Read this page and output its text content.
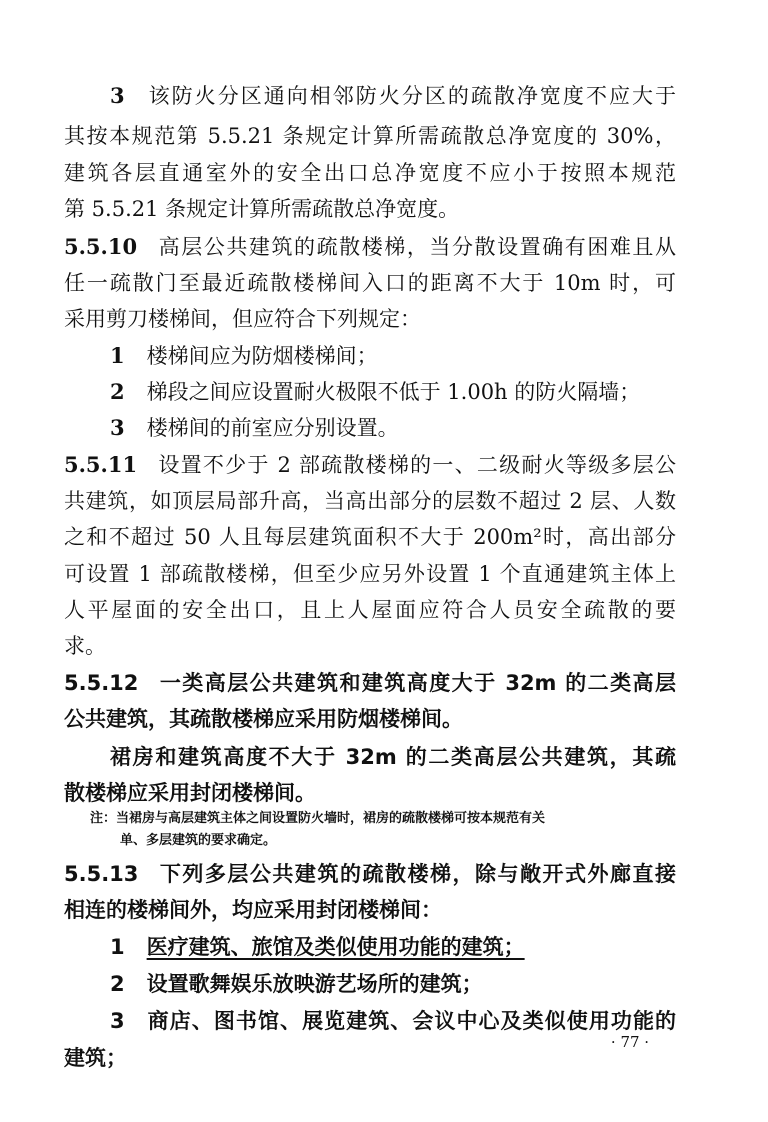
3 该防火分区通向相邻防火分区的疏散净宽度不应大于
其按本规范第 5.5.21 条规定计算所需疏散总净宽度的 30%，
建筑各层直通室外的安全出口总净宽度不应小于按照本规范
第 5.5.21 条规定计算所需疏散总净宽度。
5.5.10 高层公共建筑的疏散楼梯，当分散设置确有困难且从
任一疏散门至最近疏散楼梯间入口的距离不大于 10m 时，可
采用剪刀楼梯间，但应符合下列规定：
1 楼梯间应为防烟楼梯间；
2 梯段之间应设置耐火极限不低于 1.00h 的防火隔墙；
3 楼梯间的前室应分别设置。
5.5.11 设置不少于 2 部疏散楼梯的一、二级耐火等级多层公
共建筑，如顶层局部升高，当高出部分的层数不超过 2 层、人数
之和不超过 50 人且每层建筑面积不大于 200m²时，高出部分
可设置 1 部疏散楼梯，但至少应另外设置 1 个直通建筑主体上
人平屋面的安全出口，且上人屋面应符合人员安全疏散的要
求。
5.5.12 一类高层公共建筑和建筑高度大于 32m 的二类高层
公共建筑，其疏散楼梯应采用防烟楼梯间。
裙房和建筑高度不大于 32m 的二类高层公共建筑，其疏
散楼梯应采用封闭楼梯间。
注：当裙房与高层建筑主体之间设置防火墙时，裙房的疏散楼梯可按本规范有关
单、多层建筑的要求确定。
5.5.13 下列多层公共建筑的疏散楼梯，除与敞开式外廊直接
相连的楼梯间外，均应采用封闭楼梯间：
1 医疗建筑、旅馆及类似使用功能的建筑；
2 设置歌舞娱乐放映游艺场所的建筑；
3 商店、图书馆、展览建筑、会议中心及类似使用功能的
建筑；
· 77 ·
